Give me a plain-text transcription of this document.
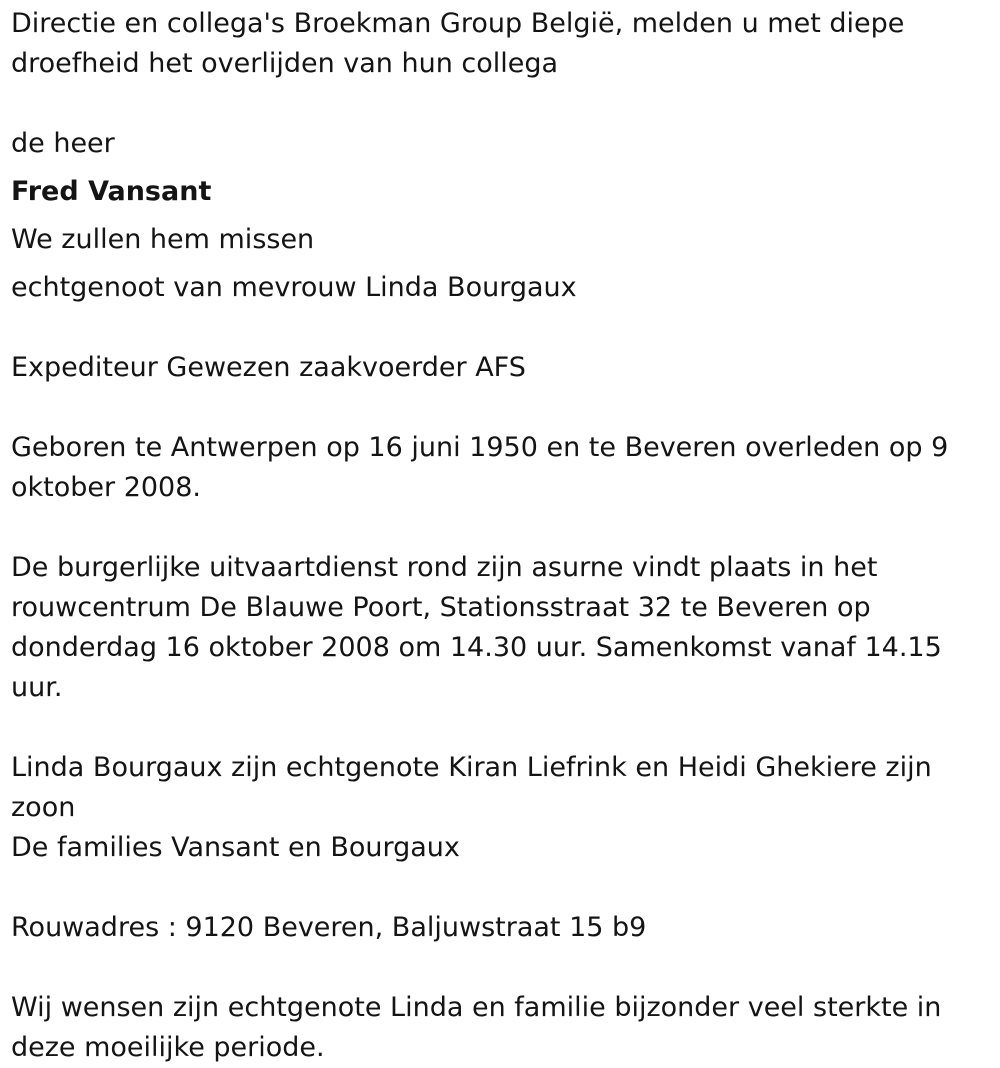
Directie en collega's Broekman Group België, melden u met diepe droefheid het overlijden van hun collega

de heer

Fred Vansant

We zullen hem missen

echtgenoot van mevrouw Linda Bourgaux

Expediteur Gewezen zaakvoerder AFS

Geboren te Antwerpen op 16 juni 1950 en te Beveren overleden op 9 oktober 2008.

De burgerlijke uitvaartdienst rond zijn asurne vindt plaats in het rouwcentrum De Blauwe Poort, Stationsstraat 32 te Beveren op donderdag 16 oktober 2008 om 14.30 uur. Samenkomst vanaf 14.15 uur.

Linda Bourgaux zijn echtgenote Kiran Liefrink en Heidi Ghekiere zijn zoon

De families Vansant en Bourgaux

Rouwadres : 9120 Beveren, Baljuwstraat 15 b9

Wij wensen zijn echtgenote Linda en familie bijzonder veel sterkte in deze moeilijke periode.
